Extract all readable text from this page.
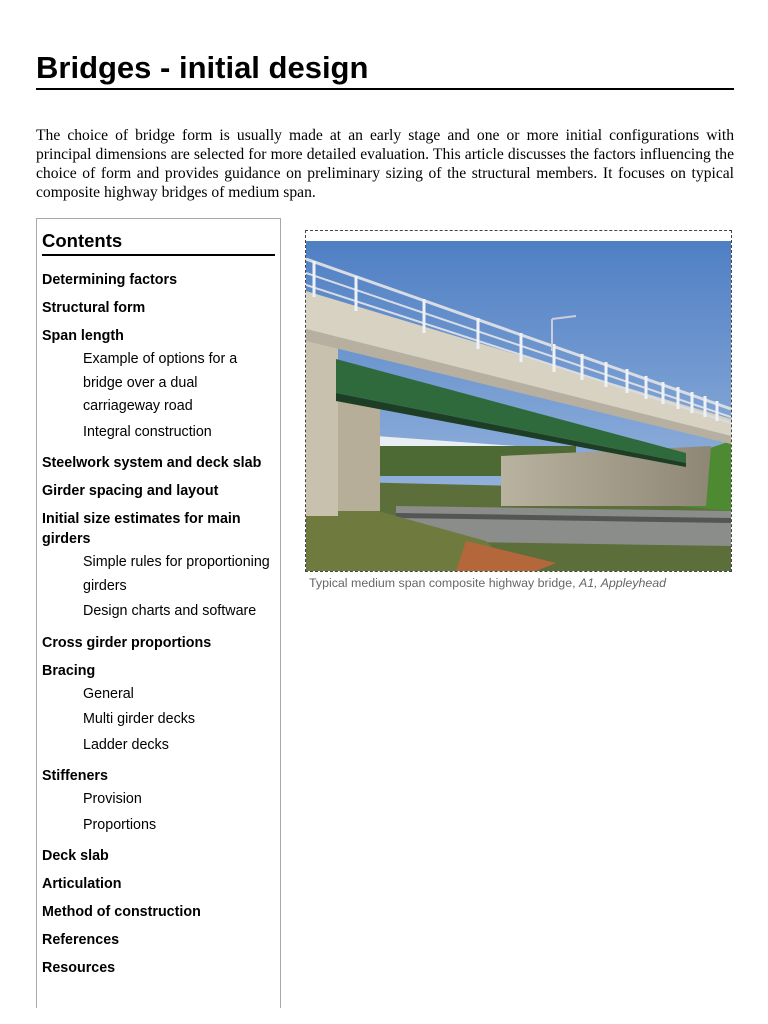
Bridges - initial design

The choice of bridge form is usually made at an early stage and one or more initial configurations with principal dimensions are selected for more detailed evaluation. This article discusses the factors influencing the choice of form and provides guidance on preliminary sizing of the structural members. It focuses on typical composite highway bridges of medium span.

Contents
Determining factors
Structural form
Span length
Example of options for a bridge over a dual carriageway road
Integral construction
Steelwork system and deck slab
Girder spacing and layout
Initial size estimates for main girders
Simple rules for proportioning girders
Design charts and software
Cross girder proportions
Bracing
General
Multi girder decks
Ladder decks
Stiffeners
Provision
Proportions
Deck slab
Articulation
Method of construction
References
Resources
Typical medium span composite highway bridge, A1, Appleyhead
